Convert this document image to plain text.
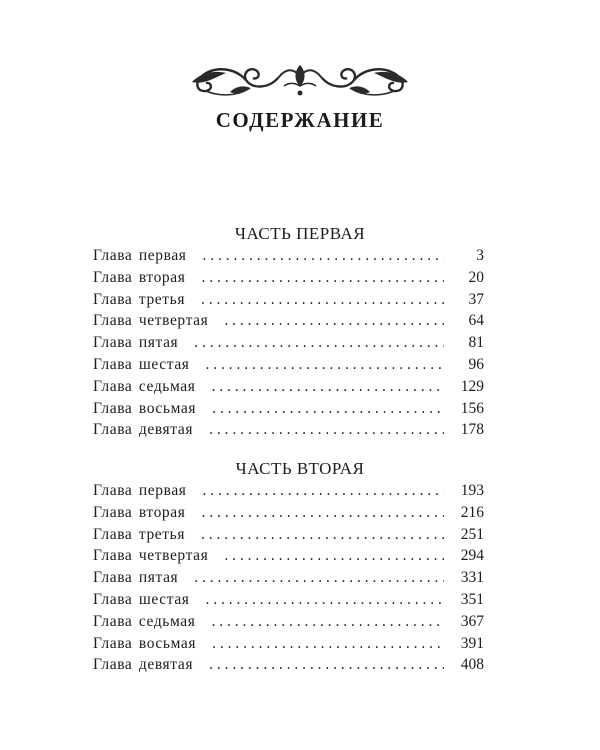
СОДЕРЖАНИЕ
ЧАСТЬ ПЕРВАЯ
Глава первая . . .	3
Глава вторая . . .	20
Глава третья . . .	37
Глава четвертая . . .	64
Глава пятая . . .	81
Глава шестая . . .	96
Глава седьмая . . .	129
Глава восьмая . . .	156
Глава девятая . . .	178
ЧАСТЬ ВТОРАЯ
Глава первая . . .	193
Глава вторая . . .	216
Глава третья . . .	251
Глава четвертая . . .	294
Глава пятая . . .	331
Глава шестая . . .	351
Глава седьмая . . .	367
Глава восьмая . . .	391
Глава девятая . . .	408
